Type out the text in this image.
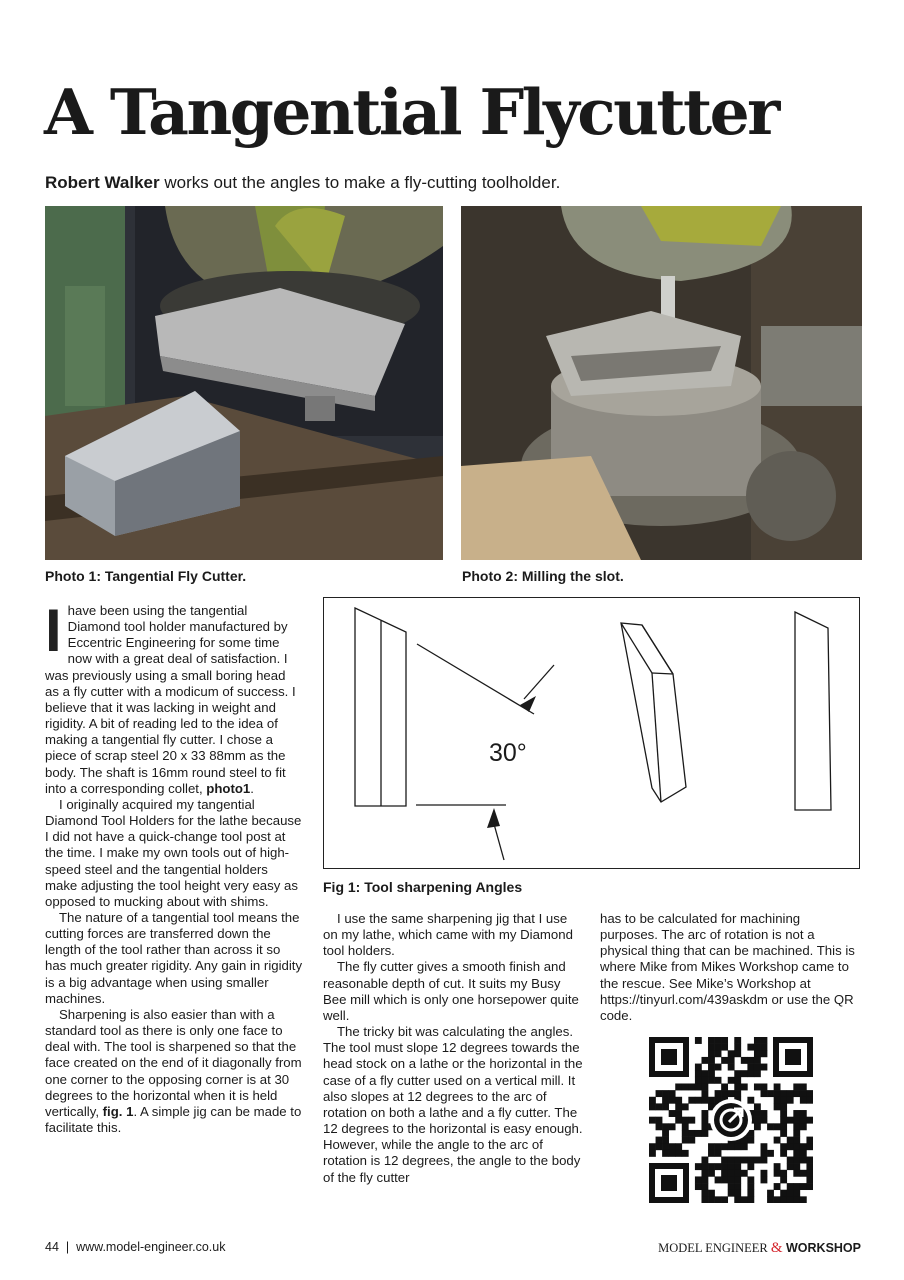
A Tangential Flycutter
Robert Walker works out the angles to make a fly-cutting toolholder.
Photo 1: Tangential Fly Cutter.	Photo 2: Milling the slot.

I have been using the tangential Diamond tool holder manufactured by Eccentric Engineering for some time now with a great deal of satisfaction. I was previously using a small boring head as a fly cutter with a modicum of success. I believe that it was lacking in weight and rigidity. A bit of reading led to the idea of making a tangential fly cutter. I chose a piece of scrap steel 20 x 33 88mm as the body. The shaft is 16mm round steel to fit into a corresponding collet, photo1.

I originally acquired my tangential Diamond Tool Holders for the lathe because I did not have a quick-change tool post at the time. I make my own tools out of high-speed steel and the tangential holders make adjusting the tool height very easy as opposed to mucking about with shims.

The nature of a tangential tool means the cutting forces are transferred down the length of the tool rather than across it so has much greater rigidity. Any gain in rigidity is a big advantage when using smaller machines.

Sharpening is also easier than with a standard tool as there is only one face to deal with. The tool is sharpened so that the face created on the end of it diagonally from one corner to the opposing corner is at 30 degrees to the horizontal when it is held vertically, fig. 1. A simple jig can be made to facilitate this.

30°
Fig 1: Tool sharpening Angles

I use the same sharpening jig that I use on my lathe, which came with my Diamond tool holders.

The fly cutter gives a smooth finish and reasonable depth of cut. It suits my Busy Bee mill which is only one horsepower quite well.

The tricky bit was calculating the angles. The tool must slope 12 degrees towards the head stock on a lathe or the horizontal in the case of a fly cutter used on a vertical mill. It also slopes at 12 degrees to the arc of rotation on both a lathe and a fly cutter. The 12 degrees to the horizontal is easy enough. However, while the angle to the arc of rotation is 12 degrees, the angle to the body of the fly cutter

has to be calculated for machining purposes. The arc of rotation is not a physical thing that can be machined. This is where Mike from Mikes Workshop came to the rescue. See Mike’s Workshop at https://tinyurl.com/439askdm or use the QR code.

44 | www.model-engineer.co.uk	MODEL ENGINEER & WORKSHOP
